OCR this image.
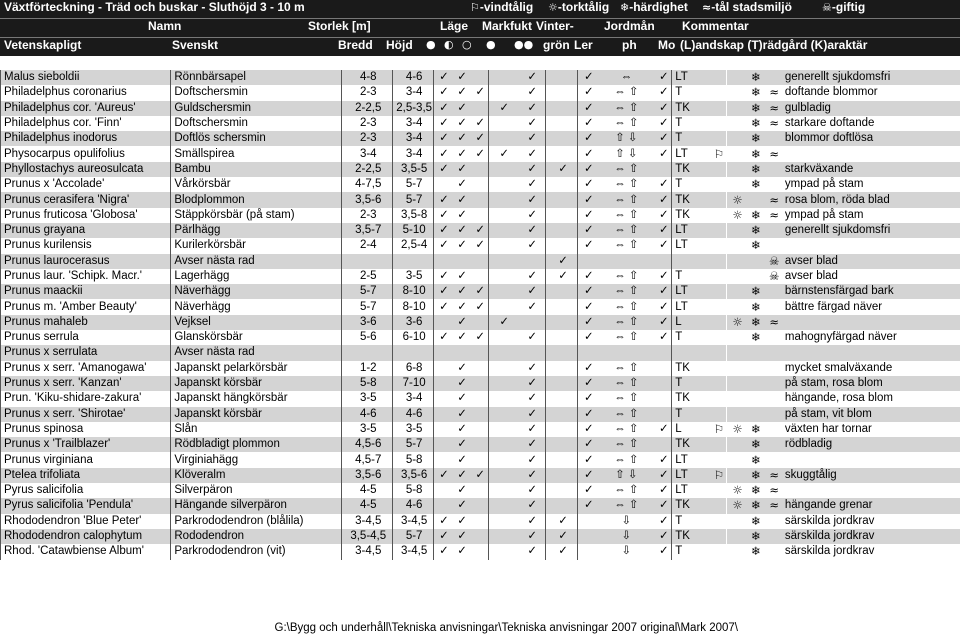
Växtförteckning - Träd och buskar - Sluthöjd 3 - 10 m	⚐-vindtålig ☼-torktålig ❄-härdighet ≈-tål stadsmiljö	☠-giftig
Namn	Storlek [m]	Läge Markfukt Vinter-	Jordmån Kommentar
Vetenskapligt	Svenskt	Bredd Höjd ● ◐ ○ ● ●● grön Ler ph Mo (L)andskap (T)rädgård (K)araktär
Malus sieboldii	Rönnbärsapel	4-8	4-6	✓	✓			✓		✓	⇔	✓	LT			❄		generellt sjukdomsfri
Philadelphus coronarius	Doftschersmin	2-3	3-4	✓	✓	✓		✓		✓	⇔ ⇧	✓	T			❄	≈	doftande blommor
Philadelphus cor. 'Aureus'	Guldschersmin	2-2,5	2,5-3,5	✓	✓		✓	✓		✓	⇔ ⇧	✓	TK			❄	≈	gulbladig
Philadelphus cor. 'Finn'	Doftschersmin	2-3	3-4	✓	✓	✓		✓		✓	⇔ ⇧	✓	T			❄	≈	starkare doftande
Philadelphus inodorus	Doftlös schersmin	2-3	3-4	✓	✓	✓		✓		✓	⇧ ⇩	✓	T			❄		blommor doftlösa
Physocarpus opulifolius	Smällspirea	3-4	3-4	✓	✓	✓	✓	✓		✓	⇧ ⇩	✓	LT	⚐		❄	≈	
Phyllostachys aureosulcata	Bambu	2-2,5	3,5-5	✓	✓			✓	✓	✓	⇔ ⇧		TK			❄		starkväxande
Prunus x 'Accolade'	Vårkörsbär	4-7,5	5-7		✓			✓		✓	⇔ ⇧	✓	T			❄		ympad på stam
Prunus cerasifera 'Nigra'	Blodplommon	3,5-6	5-7	✓	✓			✓		✓	⇔ ⇧	✓	TK		☼		≈	rosa blom, röda blad
Prunus fruticosa 'Globosa'	Stäppkörsbär (på stam)	2-3	3,5-8	✓	✓			✓		✓	⇔ ⇧	✓	TK		☼	❄	≈	ympad på stam
Prunus grayana	Pärlhägg	3,5-7	5-10	✓	✓	✓		✓		✓	⇔ ⇧	✓	LT			❄		generellt sjukdomsfri
Prunus kurilensis	Kurilerkörsbär	2-4	2,5-4	✓	✓	✓		✓		✓	⇔ ⇧	✓	LT			❄		
Prunus laurocerasus	Avser nästa rad								✓								☠	avser blad
Prunus laur. 'Schipk. Macr.'	Lagerhägg	2-5	3-5	✓	✓			✓	✓	✓	⇔ ⇧	✓	T				☠	avser blad
Prunus maackii	Näverhägg	5-7	8-10	✓	✓	✓		✓		✓	⇔ ⇧	✓	LT			❄		bärnstensfärgad bark
Prunus m. 'Amber Beauty'	Näverhägg	5-7	8-10	✓	✓	✓		✓		✓	⇔ ⇧	✓	LT			❄		bättre färgad näver
Prunus mahaleb	Vejksel	3-6	3-6		✓		✓			✓	⇔ ⇧	✓	L		☼	❄	≈	
Prunus serrula	Glanskörsbär	5-6	6-10	✓	✓	✓		✓		✓	⇔ ⇧	✓	T			❄		mahognyfärgad näver
Prunus x serrulata	Avser nästa rad																	
Prunus x serr. 'Amanogawa'	Japanskt pelarkörsbär	1-2	6-8		✓			✓		✓	⇔ ⇧		TK					mycket smalväxande
Prunus x serr. 'Kanzan'	Japanskt körsbär	5-8	7-10		✓			✓		✓	⇔ ⇧		T					på stam, rosa blom
Prun. 'Kiku-shidare-zakura'	Japanskt hängkörsbär	3-5	3-4		✓			✓		✓	⇔ ⇧		TK					hängande, rosa blom
Prunus x serr. 'Shirotae'	Japanskt körsbär	4-6	4-6		✓			✓		✓	⇔ ⇧		T					på stam, vit blom
Prunus spinosa	Slån	3-5	3-5		✓			✓		✓	⇔ ⇧	✓	L	⚐	☼	❄		växten har tornar
Prunus x 'Trailblazer'	Rödbladigt plommon	4,5-6	5-7		✓			✓		✓	⇔ ⇧		TK			❄		rödbladig
Prunus virginiana	Virginiahägg	4,5-7	5-8		✓			✓		✓	⇔ ⇧	✓	LT			❄		
Ptelea trifoliata	Klöveralm	3,5-6	3,5-6	✓	✓	✓		✓		✓	⇧ ⇩	✓	LT	⚐		❄	≈	skuggtålig
Pyrus salicifolia	Silverpäron	4-5	5-8		✓			✓		✓	⇔ ⇧	✓	LT		☼	❄	≈	
Pyrus salicifolia 'Pendula'	Hängande silverpäron	4-5	4-6		✓			✓		✓	⇔ ⇧	✓	TK		☼	❄	≈	hängande grenar
Rhododendron 'Blue Peter'	Parkrododendron (blålila)	3-4,5	3-4,5	✓	✓			✓	✓		⇩	✓	T			❄		särskilda jordkrav
Rhododendron calophytum	Rododendron	3,5-4,5	5-7	✓	✓			✓	✓		⇩	✓	TK			❄		särskilda jordkrav
Rhod. 'Catawbiense Album'	Parkrododendron (vit)	3-4,5	3-4,5	✓	✓			✓	✓		⇩	✓	T			❄		särskilda jordkrav
G:\Bygg och underhåll\Tekniska anvisningar\Tekniska anvisningar 2007 original\Mark 2007\
